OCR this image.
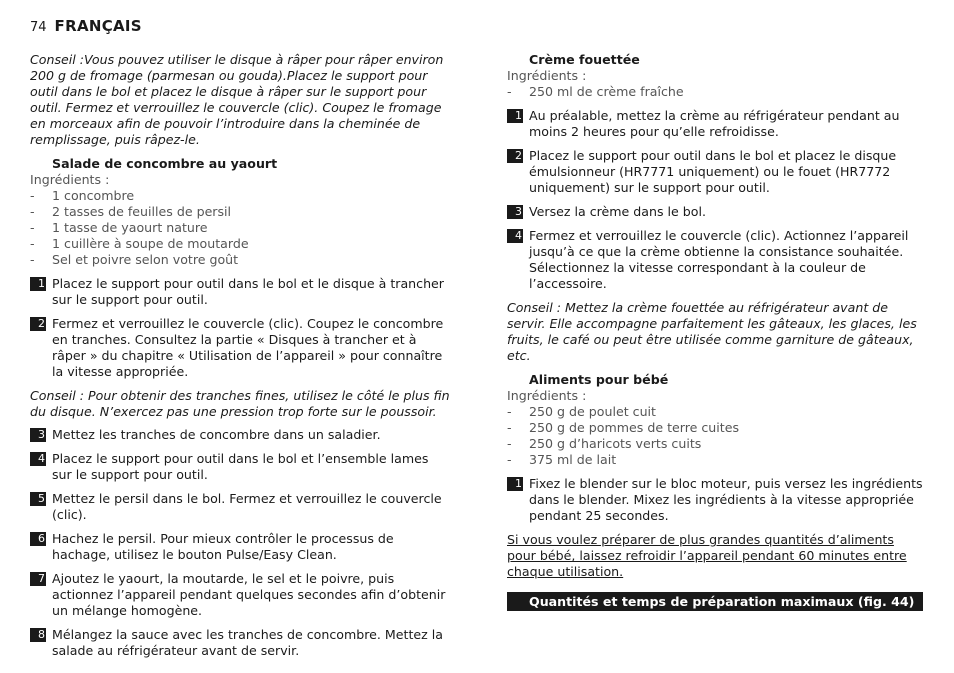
74 FRANÇAIS

Conseil :Vous pouvez utiliser le disque à râper pour râper environ 200 g de fromage (parmesan ou gouda).Placez le support pour outil dans le bol et placez le disque à râper sur le support pour outil. Fermez et verrouillez le couvercle (clic). Coupez le fromage en morceaux afin de pouvoir l’introduire dans la cheminée de remplissage, puis râpez-le.

Salade de concombre au yaourt
Ingrédients :
- 1 concombre
- 2 tasses de feuilles de persil
- 1 tasse de yaourt nature
- 1 cuillère à soupe de moutarde
- Sel et poivre selon votre goût
1 Placez le support pour outil dans le bol et le disque à trancher sur le support pour outil.
2 Fermez et verrouillez le couvercle (clic). Coupez le concombre en tranches. Consultez la partie « Disques à trancher et à râper » du chapitre « Utilisation de l’appareil » pour connaître la vitesse appropriée.

Conseil : Pour obtenir des tranches fines, utilisez le côté le plus fin du disque. N’exercez pas une pression trop forte sur le poussoir.

3 Mettez les tranches de concombre dans un saladier.
4 Placez le support pour outil dans le bol et l’ensemble lames sur le support pour outil.
5 Mettez le persil dans le bol. Fermez et verrouillez le couvercle (clic).
6 Hachez le persil. Pour mieux contrôler le processus de hachage, utilisez le bouton Pulse/Easy Clean.
7 Ajoutez le yaourt, la moutarde, le sel et le poivre, puis actionnez l’appareil pendant quelques secondes afin d’obtenir un mélange homogène.
8 Mélangez la sauce avec les tranches de concombre. Mettez la salade au réfrigérateur avant de servir.
Crème fouettée
Ingrédients :
- 250 ml de crème fraîche
1 Au préalable, mettez la crème au réfrigérateur pendant au moins 2 heures pour qu’elle refroidisse.
2 Placez le support pour outil dans le bol et placez le disque émulsionneur (HR7771 uniquement) ou le fouet (HR7772 uniquement) sur le support pour outil.
3 Versez la crème dans le bol.
4 Fermez et verrouillez le couvercle (clic). Actionnez l’appareil jusqu’à ce que la crème obtienne la consistance souhaitée. Sélectionnez la vitesse correspondant à la couleur de l’accessoire.

Conseil : Mettez la crème fouettée au réfrigérateur avant de servir. Elle accompagne parfaitement les gâteaux, les glaces, les fruits, le café ou peut être utilisée comme garniture de gâteaux, etc.

Aliments pour bébé
Ingrédients :
- 250 g de poulet cuit
- 250 g de pommes de terre cuites
- 250 g d’haricots verts cuits
- 375 ml de lait
1 Fixez le blender sur le bloc moteur, puis versez les ingrédients dans le blender. Mixez les ingrédients à la vitesse appropriée pendant 25 secondes.
Si vous voulez préparer de plus grandes quantités d’aliments pour bébé, laissez refroidir l’appareil pendant 60 minutes entre chaque utilisation.
Quantités et temps de préparation maximaux (fig. 44)
